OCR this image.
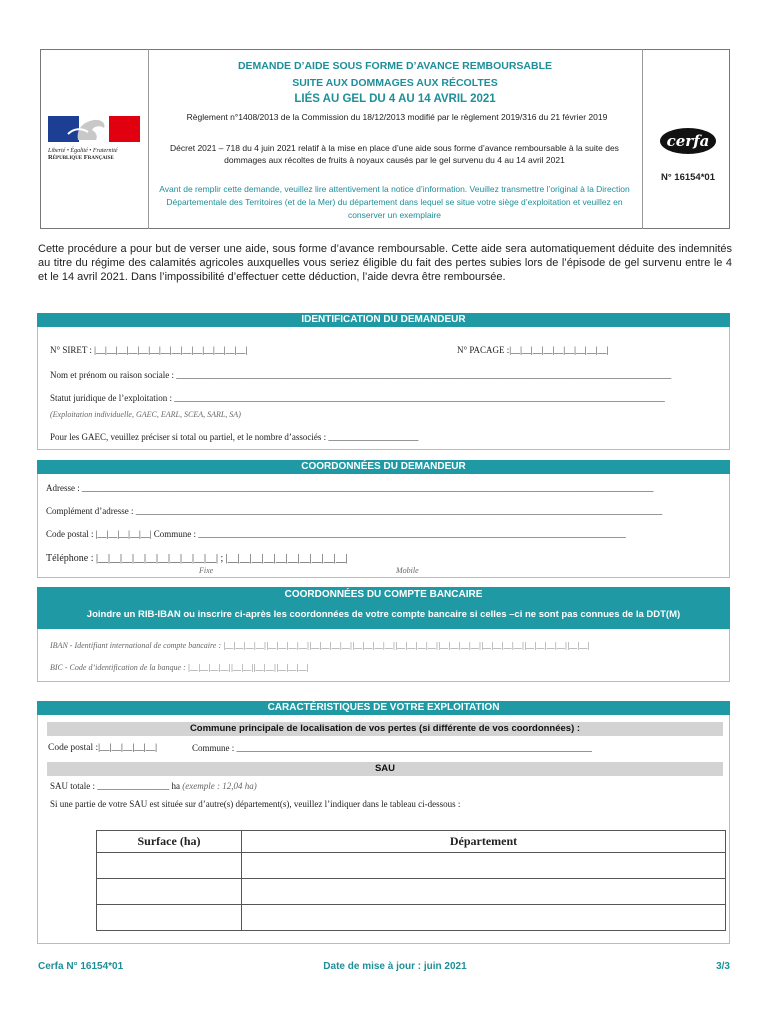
Liberté • Égalité • Fraternité
République Française
DEMANDE D’AIDE SOUS FORME D’AVANCE REMBOURSABLE
SUITE AUX DOMMAGES AUX RÉCOLTES
LIÉS AU GEL DU 4 AU 14 AVRIL 2021
Règlement n°1408/2013 de la Commission du 18/12/2013 modifié par le règlement 2019/316 du 21 février 2019
Décret 2021 – 718 du 4 juin 2021 relatif à la mise en place d’une aide sous forme d’avance remboursable à la suite des dommages aux récoltes de fruits à noyaux causés par le gel survenu du 4 au 14 avril 2021
Avant de remplir cette demande, veuillez lire attentivement la notice d’information. Veuillez transmettre l’original à la Direction Départementale des Territoires (et de la Mer) du département dans lequel se situe votre siège d’exploitation et veuillez en conserver un exemplaire
cerfa
N° 16154*01
Cette procédure a pour but de verser une aide, sous forme d’avance remboursable. Cette aide sera automatiquement déduite des indemnités au titre du régime des calamités agricoles auxquelles vous seriez éligible du fait des pertes subies lors de l’épisode de gel survenu entre le 4 et le 14 avril 2021. Dans l’impossibilité d’effectuer cette déduction, l’aide devra être remboursée.
IDENTIFICATION DU DEMANDEUR
N° SIRET : |__|__|__|__|__|__|__|__|__|__|__|__|__|__|	N° PACAGE :|__|__|__|__|__|__|__|__|__|
Nom et prénom ou raison sociale : ______________________________________________________________________________________________________________
Statut juridique de l’exploitation : _____________________________________________________________________________________________________________
(Exploitation individuelle, GAEC, EARL, SCEA, SARL, SA)
Pour les GAEC, veuillez préciser si total ou partiel, et le nombre d’associés : ____________________
COORDONNÉES DU DEMANDEUR
Adresse : _______________________________________________________________________________________________________________________________
Complément d’adresse : _____________________________________________________________________________________________________________________
Code postal : |__|__|__|__|__| Commune : _______________________________________________________________________________________________
Téléphone : |__|__|__|__|__|__|__|__|__|__| ; |__|__|__|__|__|__|__|__|__|__|
Fixe	Mobile
COORDONNÉES DU COMPTE BANCAIRE
Joindre un RIB-IBAN ou inscrire ci-après les coordonnées de votre compte bancaire si celles –ci ne sont pas connues de la DDT(M)
IBAN - Identifiant international de compte bancaire : |__|__|__|__||__|__|__|__||__|__|__|__||__|__|__|__||__|__|__|__||__|__|__|__||__|__|__|__||__|__|__|__||__|__|
BIC - Code d’identification de la banque : |__|__|__|__||__|__||__|__||__|__|__|
CARACTÉRISTIQUES DE VOTRE EXPLOITATION
Commune principale de localisation de vos pertes (si différente de vos coordonnées) :
Code postal :|__|__|__|__|__|	Commune : _______________________________________________________________________________
SAU
SAU totale : ________________ ha (exemple : 12,04 ha)
Si une partie de votre SAU est située sur d’autre(s) département(s), veuillez l’indiquer dans le tableau ci-dessous :
Surface (ha)	Département

Cerfa N° 16154*01	Date de mise à jour : juin 2021	3/3
